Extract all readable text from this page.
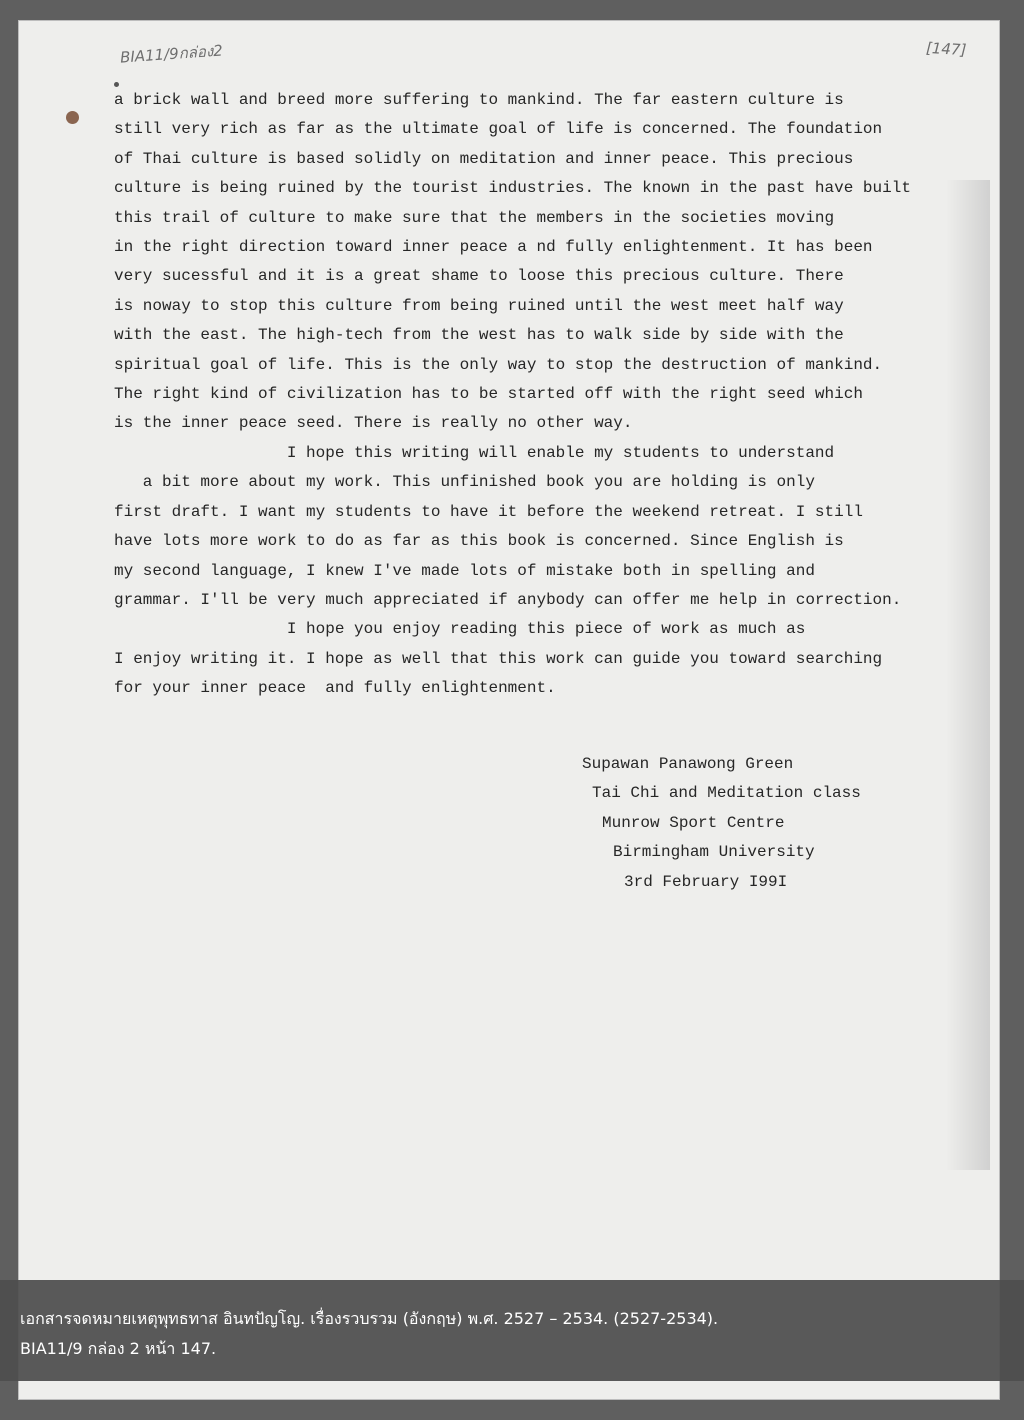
BIA11/9กล่อง2	[147]
a brick wall and breed more suffering to mankind. The far eastern culture is
still very rich as far as the ultimate goal of life is concerned. The foundation
of Thai culture is based solidly on meditation and inner peace. This precious
culture is being ruined by the tourist industries. The known in the past have built
this trail of culture to make sure that the members in the societies moving
in the right direction toward inner peace a nd fully enlightenment. It has been
very sucessful and it is a great shame to loose this precious culture. There
is noway to stop this culture from being ruined until the west meet half way
with the east. The high-tech from the west has to walk side by side with the
spiritual goal of life. This is the only way to stop the destruction of mankind.
The right kind of civilization has to be started off with the right seed which
is the inner peace seed. There is really no other way.
I hope this writing will enable my students to understand
a bit more about my work. This unfinished book you are holding is only
first draft. I want my students to have it before the weekend retreat. I still
have lots more work to do as far as this book is concerned. Since English is
my second language, I knew I've made lots of mistake both in spelling and
grammar. I'll be very much appreciated if anybody can offer me help in correction.
I hope you enjoy reading this piece of work as much as
I enjoy writing it. I hope as well that this work can guide you toward searching
for your inner peace  and fully enlightenment.
Supawan Panawong Green
Tai Chi and Meditation class
Munrow Sport Centre
Birmingham University
3rd February I99I
เอกสารจดหมายเหตุพุทธทาส อินทปัญโญ. เรื่องรวบรวม (อังกฤษ) พ.ศ. 2527 – 2534. (2527-2534).
BIA11/9 กล่อง 2 หน้า 147.
